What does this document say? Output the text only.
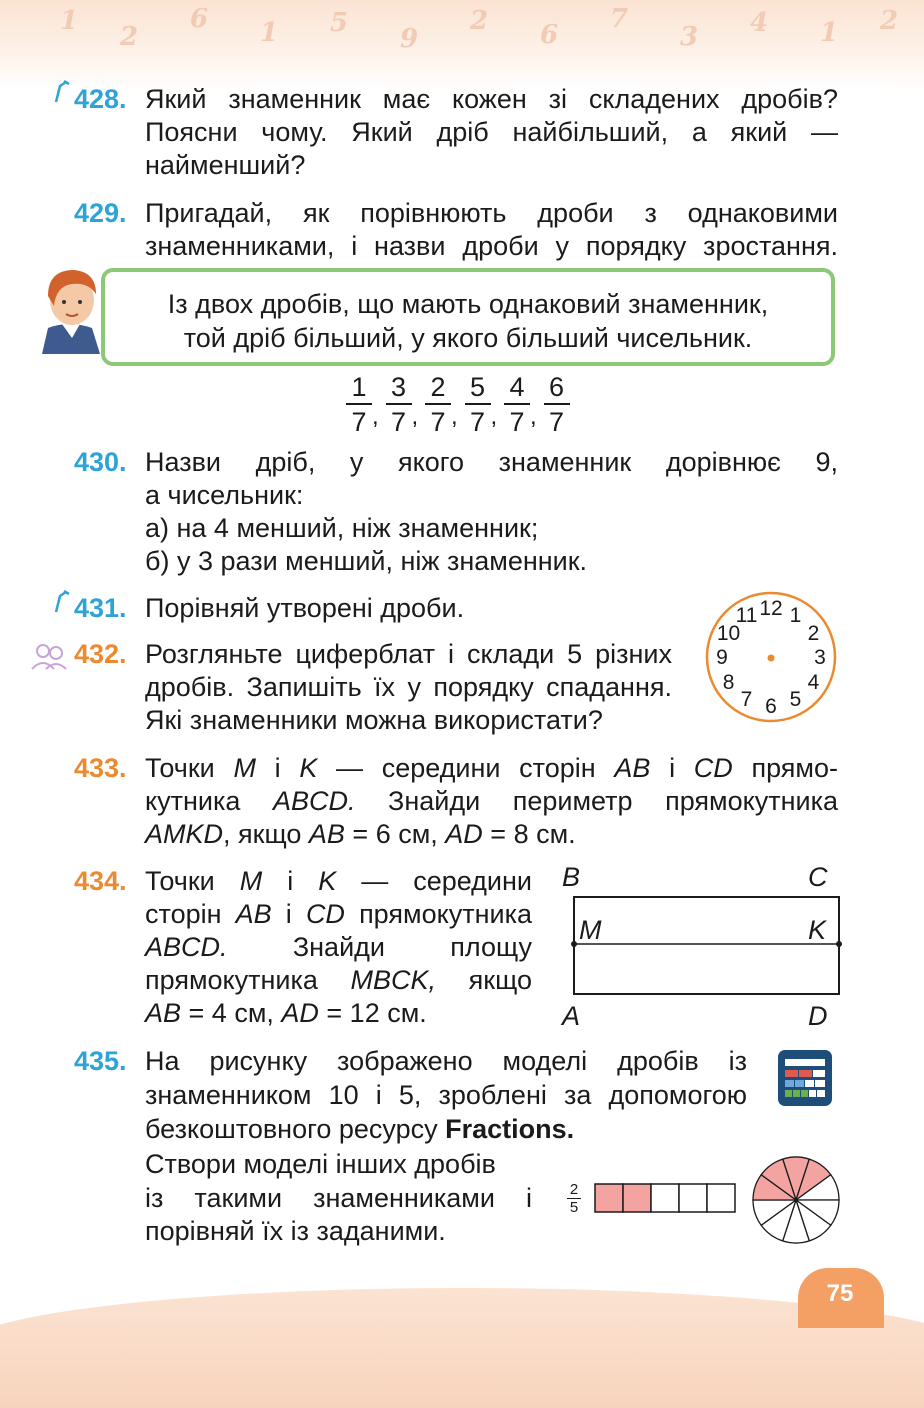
1
2
6 1 5
9
2 6
7
3 4 1 2
428. Який знаменник має кожен зі складених дробів?
Поясни чому. Який дріб найбільший, а який —
найменший?
429. Пригадай, як порівнюють дроби з однаковими
знаменниками, і назви дроби у порядку зростання.
Із двох дробів, що мають однаковий знаменник,
той дріб більший, у якого більший чисельник.
1
7 ,
3
7 ,
2
7 ,
5
7 ,
4
7 ,
6
7
430. Назви дріб, у якого знаменник дорівнює 9,
а чисельник:
а) на 4 менший, ніж знаменник;
б) у 3 рази менший, ніж знаменник.
431. Порівняй утворені дроби.
432. Розгляньте циферблат і склади 5 різних
дробів. Запишіть їх у порядку спадання.
Які знаменники можна використати?
12 1
2
3
4
5
6
7
8
9
10
11
433. Точки M і K — середини сторін AB і CD прямо-
кутника ABCD. Знайди периметр прямокутника
AMKD, якщо AB = 6 см, AD = 8 см.
434. Точки M і K — середини
сторін AB і CD прямокутника
ABCD. Знайди площу
прямокутника MBCK, якщо
AB = 4 см, AD = 12 см.
B	C
M	K
A	D
435. На рисунку зображено моделі дробів із
знаменником 10 і 5, зроблені за допомогою
безкоштовного ресурсу Fractions.
Створи моделі інших дробів
із такими знаменниками і
порівняй їх із заданими.
2
5
75
